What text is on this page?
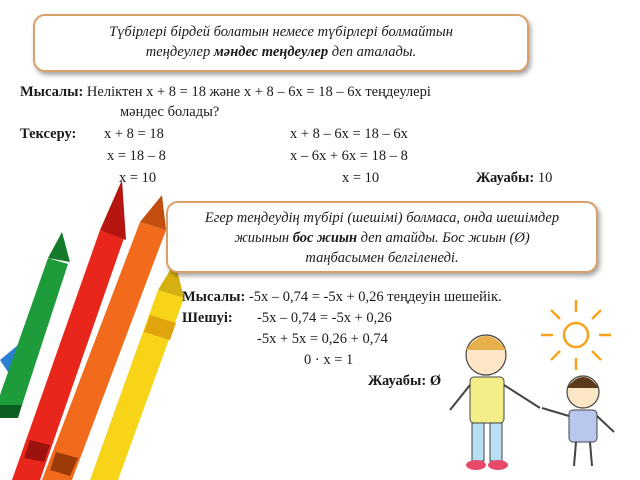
Түбірлері бірдей болатын немесе түбірлері болмайтын
теңдеулер мәндес теңдеулер деп аталады.
Мысалы: Неліктен x + 8 = 18 және x + 8 – 6x = 18 – 6x теңдеулері
мәндес болады?
Тексеру: x + 8 = 18
x = 18 – 8
x = 10
x + 8 – 6x = 18 – 6x
x – 6x + 6x = 18 – 8
x = 10	Жауабы: 10
Егер теңдеудің түбірі (шешімі) болмаса, онда шешімдер
жиынын бос жиын деп атайды. Бос жиын (Ø)
таңбасымен белгіленеді.
Мысалы: -5x – 0,74 = -5x + 0,26 теңдеуін шешейік.
Шешуі: -5x – 0,74 = -5x + 0,26
-5x + 5x = 0,26 + 0,74
0 · x = 1
Жауабы: Ø
